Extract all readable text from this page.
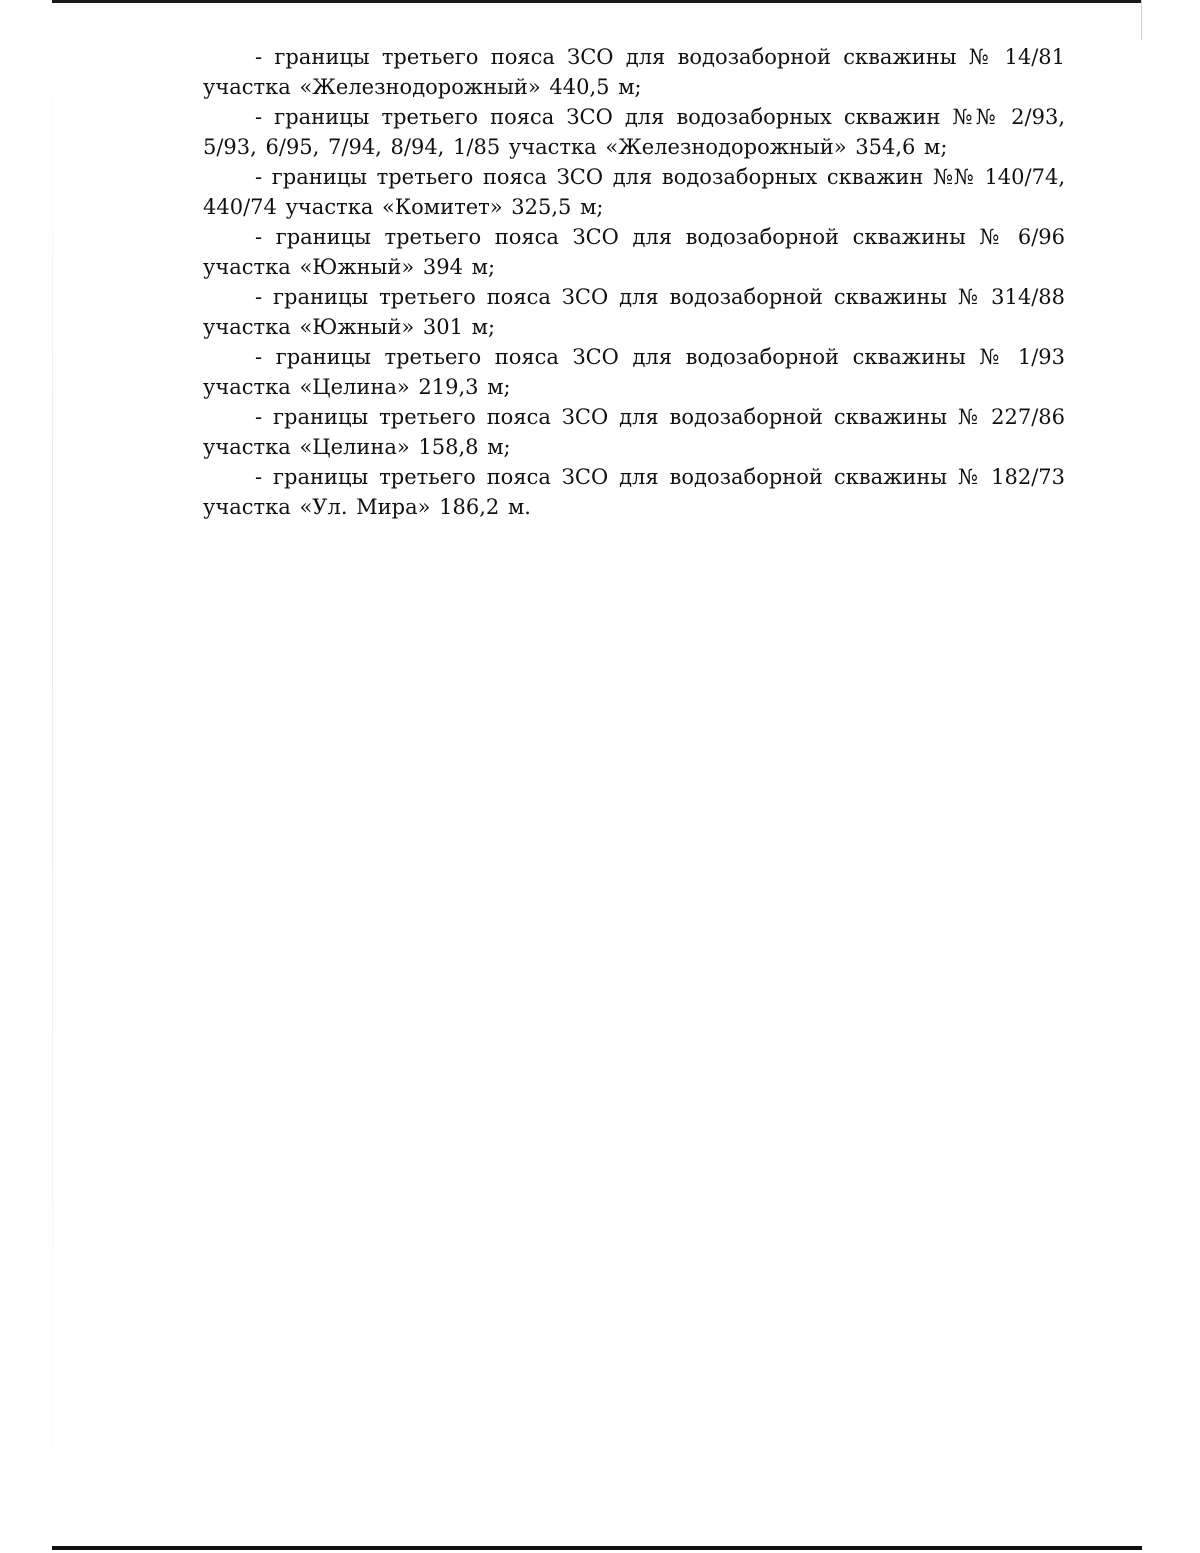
- границы третьего пояса ЗСО для водозаборной скважины № 14/81 участка «Железнодорожный» 440,5 м;

- границы третьего пояса ЗСО для водозаборных скважин №№ 2/93, 5/93, 6/95, 7/94, 8/94, 1/85 участка «Железнодорожный» 354,6 м;

- границы третьего пояса ЗСО для водозаборных скважин №№ 140/74, 440/74 участка «Комитет» 325,5 м;

- границы третьего пояса ЗСО для водозаборной скважины № 6/96 участка «Южный» 394 м;

- границы третьего пояса ЗСО для водозаборной скважины № 314/88 участка «Южный» 301 м;

- границы третьего пояса ЗСО для водозаборной скважины № 1/93 участка «Целина» 219,3 м;

- границы третьего пояса ЗСО для водозаборной скважины № 227/86 участка «Целина» 158,8 м;

- границы третьего пояса ЗСО для водозаборной скважины № 182/73 участка «Ул. Мира» 186,2 м.
